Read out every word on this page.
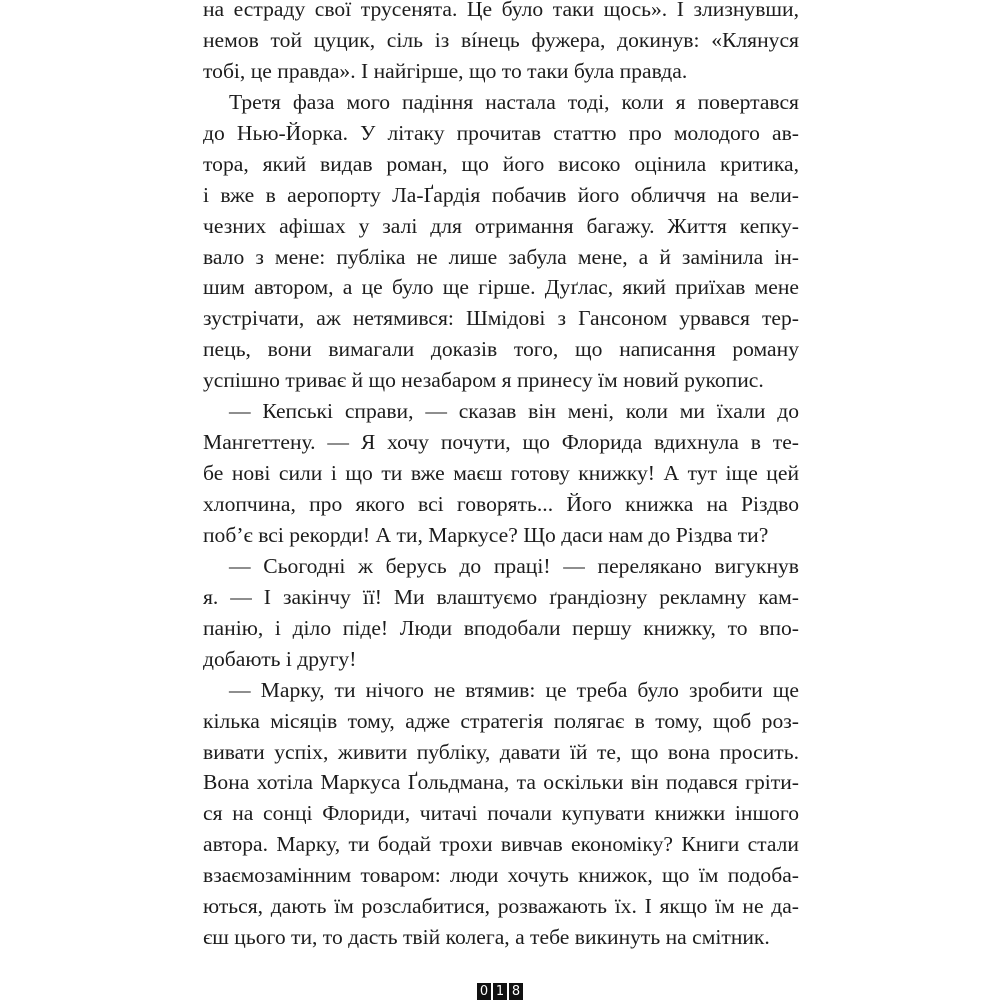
на естраду свої трусенята. Це було таки щось». І злизнувши,
немов той цуцик, сіль із вíнець фужера, докинув: «Клянуся
тобі, це правда». І найгірше, що то таки була правда.
Третя фаза мого падіння настала тоді, коли я повертався
до Нью-Йорка. У літаку прочитав статтю про молодого ав-
тора, який видав роман, що його високо оцінила критика,
і вже в аеропорту Ла-Ґардія побачив його обличчя на вели-
чезних афішах у залі для отримання багажу. Життя кепку-
вало з мене: публіка не лише забула мене, а й замінила ін-
шим автором, а це було ще гірше. Дуґлас, який приїхав мене
зустрічати, аж нетямився: Шмідові з Гансоном урвався тер-
пець, вони вимагали доказів того, що написання роману
успішно триває й що незабаром я принесу їм новий рукопис.
— Кепські справи, — сказав він мені, коли ми їхали до
Мангеттену. — Я хочу почути, що Флорида вдихнула в те-
бе нові сили і що ти вже маєш готову книжку! А тут іще цей
хлопчина, про якого всі говорять... Його книжка на Різдво
поб’є всі рекорди! А ти, Маркусе? Що даси нам до Різдва ти?
— Сьогодні ж берусь до праці! — перелякано вигукнув
я. — І закінчу її! Ми влаштуємо ґрандіозну рекламну кам-
панію, і діло піде! Люди вподобали першу книжку, то впо-
добають і другу!
— Марку, ти нічого не втямив: це треба було зробити ще
кілька місяців тому, адже стратегія полягає в тому, щоб роз-
вивати успіх, живити публіку, давати їй те, що вона просить.
Вона хотіла Маркуса Ґольдмана, та оскільки він подався гріти-
ся на сонці Флориди, читачі почали купувати книжки іншого
автора. Марку, ти бодай трохи вивчав економіку? Книги стали
взаємозамінним товаром: люди хочуть книжок, що їм подоба-
ються, дають їм розслабитися, розважають їх. І якщо їм не да-
єш цього ти, то дасть твій колега, а тебе викинуть на смітник.
0 1 8
